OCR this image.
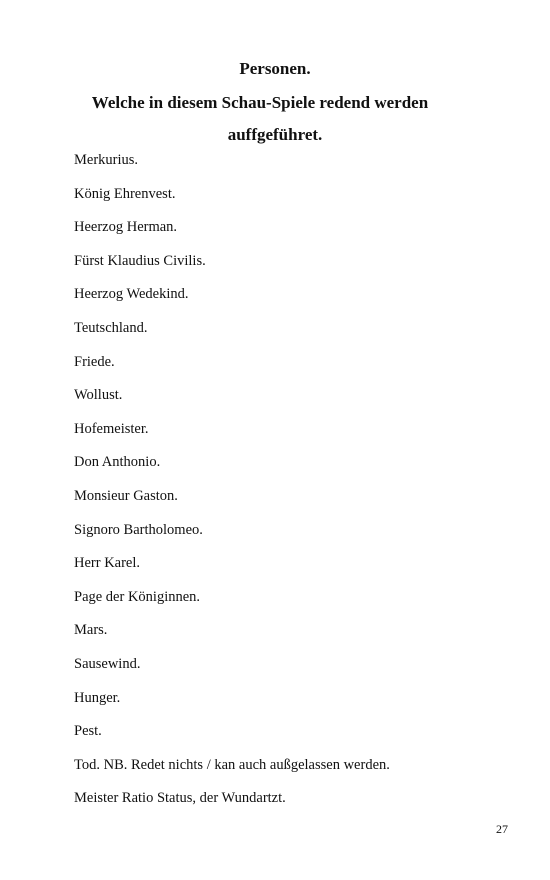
Personen.
Welche in diesem Schau-Spiele redend werden
auffgeführet.
Merkurius.
König Ehrenvest.
Heerzog Herman.
Fürst Klaudius Civilis.
Heerzog Wedekind.
Teutschland.
Friede.
Wollust.
Hofemeister.
Don Anthonio.
Monsieur Gaston.
Signoro Bartholomeo.
Herr Karel.
Page der Königinnen.
Mars.
Sausewind.
Hunger.
Pest.
Tod. NB. Redet nichts / kan auch außgelassen werden.
Meister Ratio Status, der Wundartzt.
27
